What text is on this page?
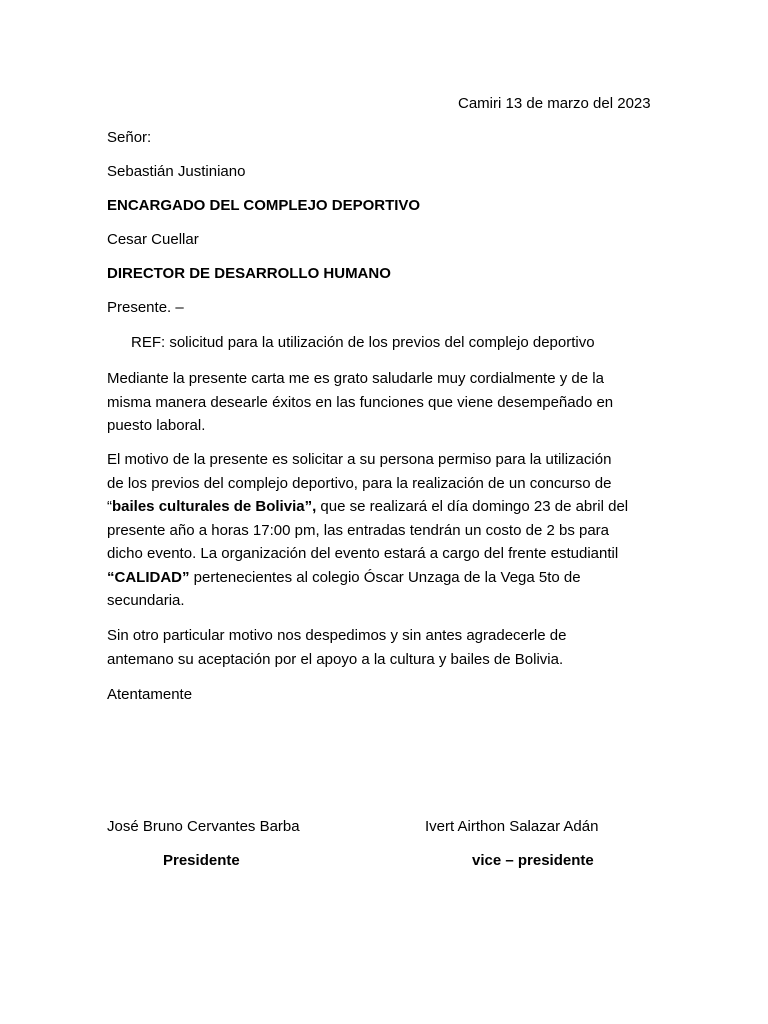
Camiri 13 de marzo del 2023
Señor:
Sebastián Justiniano
ENCARGADO DEL COMPLEJO DEPORTIVO
Cesar Cuellar
DIRECTOR DE DESARROLLO HUMANO
Presente. –
REF: solicitud para la utilización de los previos del complejo deportivo
Mediante la presente carta me es grato saludarle muy cordialmente y de la
misma manera desearle éxitos en las funciones que viene desempeñado en
puesto laboral.
El motivo de la presente es solicitar a su persona permiso para la utilización
de los previos del complejo deportivo, para la realización de un concurso de
“bailes culturales de Bolivia”, que se realizará el día domingo 23 de abril del
presente año a horas 17:00 pm, las entradas tendrán un costo de 2 bs para
dicho evento. La organización del evento estará a cargo del frente estudiantil
“CALIDAD” pertenecientes al colegio Óscar Unzaga de la Vega 5to de
secundaria.
Sin otro particular motivo nos despedimos y sin antes agradecerle de
antemano su aceptación por el apoyo a la cultura y bailes de Bolivia.
Atentamente
José Bruno Cervantes Barba
Presidente
Ivert Airthon Salazar Adán
vice – presidente
